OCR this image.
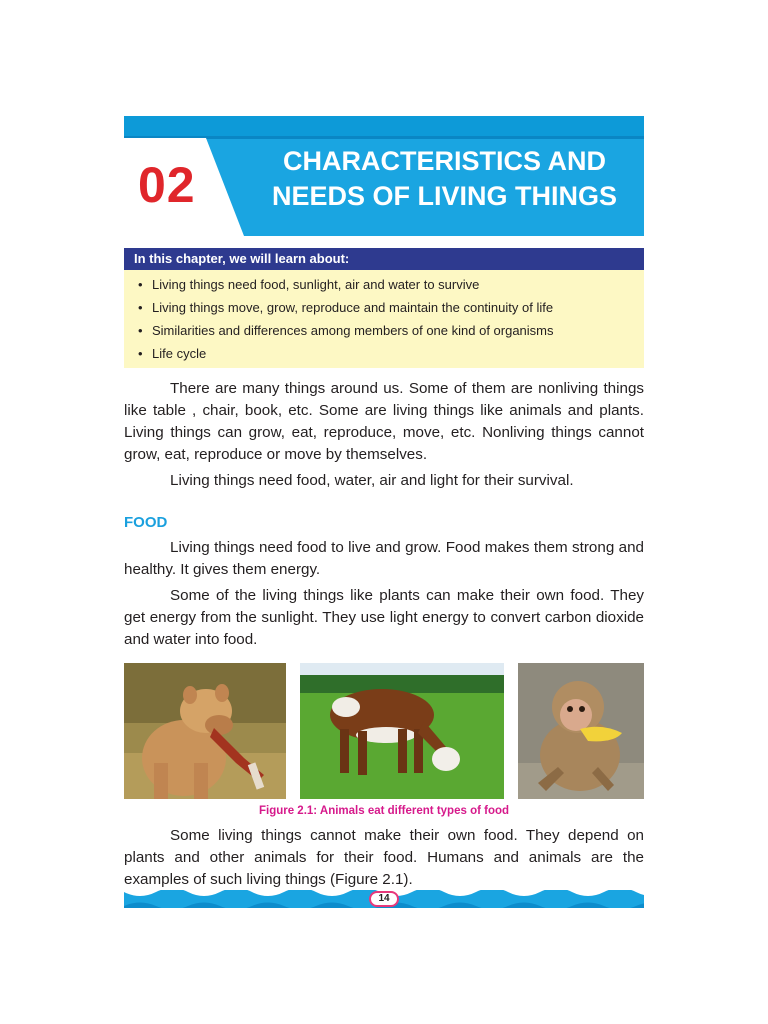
02	CHARACTERISTICS AND
NEEDS OF LIVING THINGS
In this chapter, we will learn about:
• Living things need food, sunlight, air and water to survive
• Living things move, grow, reproduce and maintain the continuity of life
• Similarities and differences among members of one kind of organisms
• Life cycle

There are many things around us. Some of them are nonliving things like table , chair, book, etc. Some are living things like animals and plants. Living things can grow, eat, reproduce, move, etc. Nonliving things cannot grow, eat, reproduce or move by themselves.

Living things need food, water, air and light for their survival.

FOOD

Living things need food to live and grow. Food makes them strong and healthy. It gives them energy.

Some of the living things like plants can make their own food. They get energy from the sunlight. They use light energy to convert carbon dioxide and water into food.

Figure 2.1: Animals eat different types of food

Some living things cannot make their own food. They depend on plants and other animals for their food. Humans and animals are the examples of such living things (Figure 2.1).

14
